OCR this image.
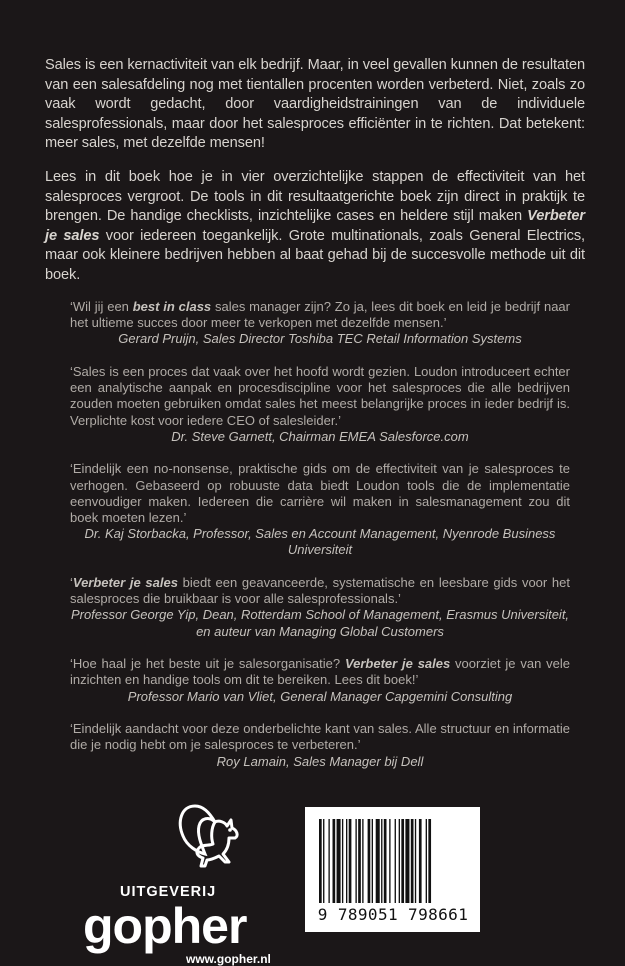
Sales is een kernactiviteit van elk bedrijf. Maar, in veel gevallen kunnen de resultaten van een salesafdeling nog met tientallen procenten worden verbeterd. Niet, zoals zo vaak wordt gedacht, door vaardigheidstrainingen van de individuele salesprofessionals, maar door het salesproces efficiënter in te richten. Dat betekent: meer sales, met dezelfde mensen!

Lees in dit boek hoe je in vier overzichtelijke stappen de effectiviteit van het salesproces vergroot. De tools in dit resultaatgerichte boek zijn direct in praktijk te brengen. De handige checklists, inzichtelijke cases en heldere stijl maken Verbeter je sales voor iedereen toegankelijk. Grote multinationals, zoals General Electrics, maar ook kleinere bedrijven hebben al baat gehad bij de succesvolle methode uit dit boek.

‘Wil jij een best in class sales manager zijn? Zo ja, lees dit boek en leid je bedrijf naar het ultieme succes door meer te verkopen met dezelfde mensen.’
Gerard Pruijn, Sales Director Toshiba TEC Retail Information Systems
‘Sales is een proces dat vaak over het hoofd wordt gezien. Loudon introduceert echter een analytische aanpak en procesdiscipline voor het salesproces die alle bedrijven zouden moeten gebruiken omdat sales het meest belangrijke proces in ieder bedrijf is. Verplichte kost voor iedere CEO of salesleider.’
Dr. Steve Garnett, Chairman EMEA Salesforce.com
‘Eindelijk een no-nonsense, praktische gids om de effectiviteit van je salesproces te verhogen. Gebaseerd op robuuste data biedt Loudon tools die de implementatie eenvoudiger maken. Iedereen die carrière wil maken in salesmanagement zou dit boek moeten lezen.’
Dr. Kaj Storbacka, Professor, Sales en Account Management, Nyenrode Business Universiteit
‘Verbeter je sales biedt een geavanceerde, systematische en leesbare gids voor het salesproces die bruikbaar is voor alle salesprofessionals.’
Professor George Yip, Dean, Rotterdam School of Management, Erasmus Universiteit, en auteur van Managing Global Customers
‘Hoe haal je het beste uit je salesorganisatie? Verbeter je sales voorziet je van vele inzichten en handige tools om dit te bereiken. Lees dit boek!’
Professor Mario van Vliet, General Manager Capgemini Consulting
‘Eindelijk aandacht voor deze onderbelichte kant van sales. Alle structuur en informatie die je nodig hebt om je salesproces te verbeteren.’
Roy Lamain, Sales Manager bij Dell

UITGEVERIJ

gopher

www.gopher.nl

9 789051 798661
